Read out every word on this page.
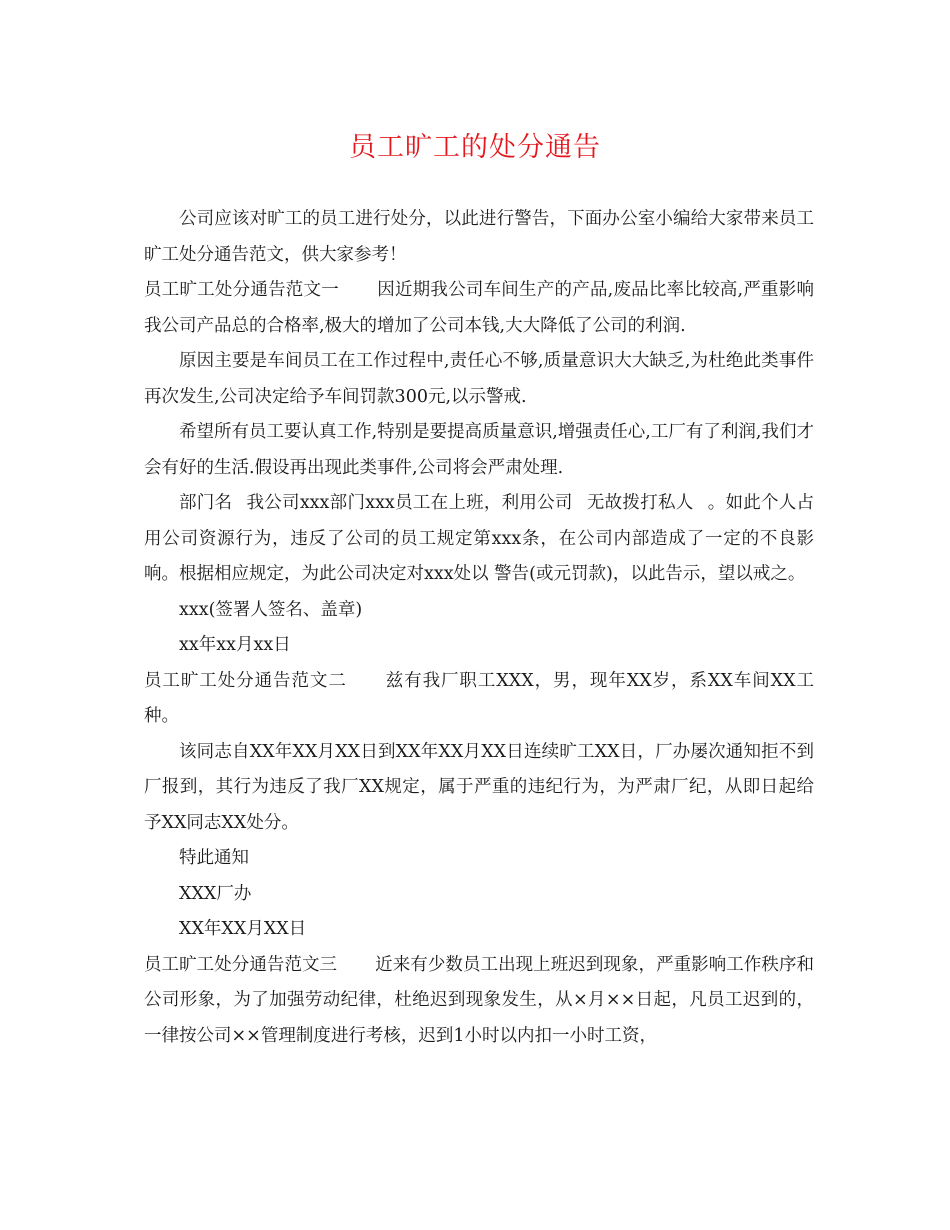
员工旷工的处分通告

公司应该对旷工的员工进行处分，以此进行警告，下面办公室小编给大家带来员工旷工处分通告范文，供大家参考！

员工旷工处分通告范文一 因近期我公司车间生产的产品,废品比率比较高,严重影响我公司产品总的合格率,极大的增加了公司本钱,大大降低了公司的利润.

原因主要是车间员工在工作过程中,责任心不够,质量意识大大缺乏,为杜绝此类事件再次发生,公司决定给予车间罚款300元,以示警戒.

希望所有员工要认真工作,特别是要提高质量意识,增强责任心,工厂有了利润,我们才会有好的生活.假设再出现此类事件,公司将会严肃处理.

部门名 我公司xxx部门xxx员工在上班，利用公司 无故拨打私人 。如此个人占用公司资源行为，违反了公司的员工规定第xxx条，在公司内部造成了一定的不良影响。根据相应规定，为此公司决定对xxx处以 警告(或元罚款)，以此告示，望以戒之。

xxx(签署人签名、盖章)

xx年xx月xx日

员工旷工处分通告范文二 兹有我厂职工XXX，男，现年XX岁，系XX车间XX工种。

该同志自XX年XX月XX日到XX年XX月XX日连续旷工XX日，厂办屡次通知拒不到厂报到，其行为违反了我厂XX规定，属于严重的违纪行为，为严肃厂纪，从即日起给予XX同志XX处分。

特此通知

XXX厂办

XX年XX月XX日

员工旷工处分通告范文三 近来有少数员工出现上班迟到现象，严重影响工作秩序和公司形象，为了加强劳动纪律，杜绝迟到现象发生，从×月××日起，凡员工迟到的，一律按公司××管理制度进行考核，迟到1小时以内扣一小时工资，
